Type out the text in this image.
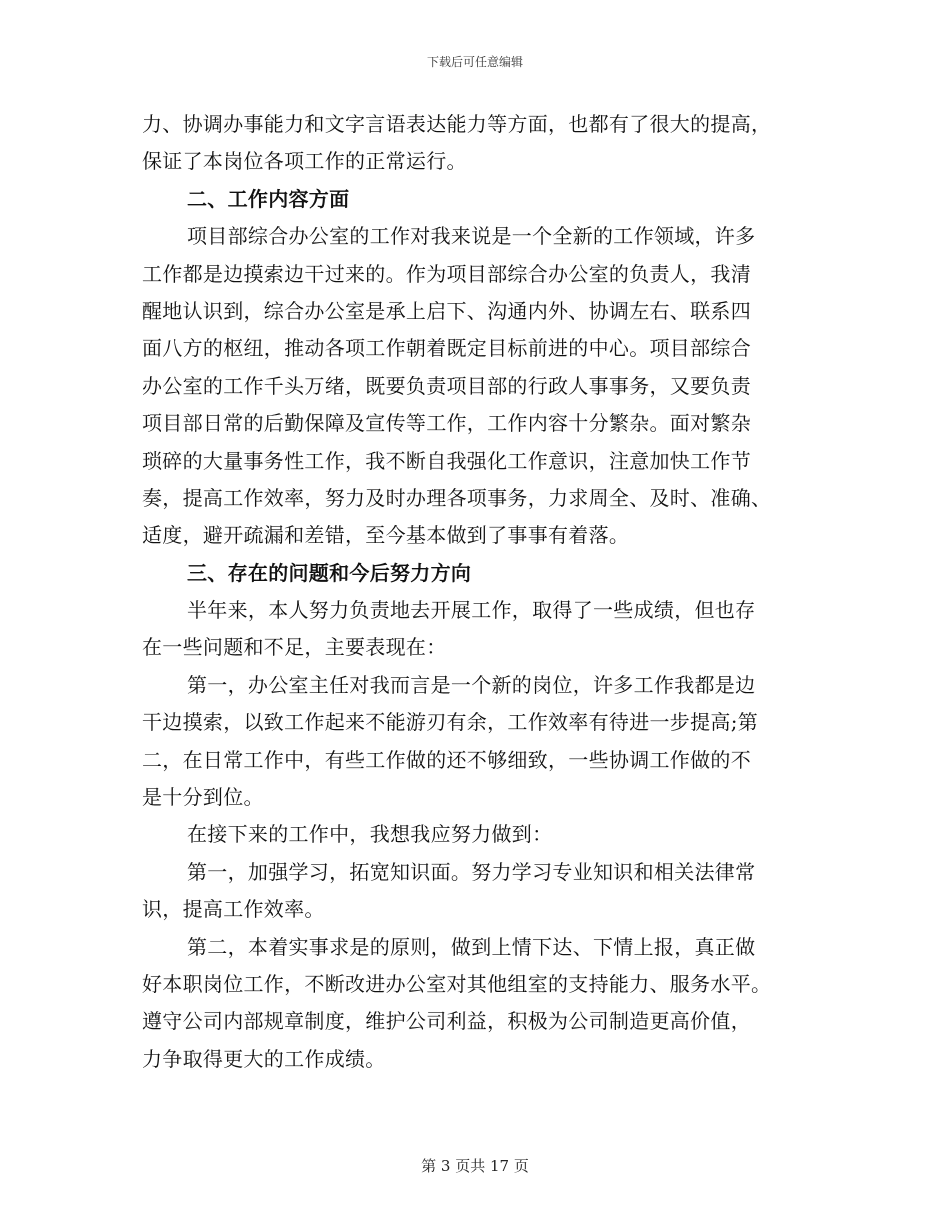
下载后可任意编辑
力、协调办事能力和文字言语表达能力等方面，也都有了很大的提高，
保证了本岗位各项工作的正常运行。
二、工作内容方面
项目部综合办公室的工作对我来说是一个全新的工作领域，许多
工作都是边摸索边干过来的。作为项目部综合办公室的负责人，我清
醒地认识到，综合办公室是承上启下、沟通内外、协调左右、联系四
面八方的枢纽，推动各项工作朝着既定目标前进的中心。项目部综合
办公室的工作千头万绪，既要负责项目部的行政人事事务，又要负责
项目部日常的后勤保障及宣传等工作，工作内容十分繁杂。面对繁杂
琐碎的大量事务性工作，我不断自我强化工作意识，注意加快工作节
奏，提高工作效率，努力及时办理各项事务，力求周全、及时、准确、
适度，避开疏漏和差错，至今基本做到了事事有着落。
三、存在的问题和今后努力方向
半年来，本人努力负责地去开展工作，取得了一些成绩，但也存
在一些问题和不足，主要表现在：
第一，办公室主任对我而言是一个新的岗位，许多工作我都是边
干边摸索，以致工作起来不能游刃有余，工作效率有待进一步提高;第
二，在日常工作中，有些工作做的还不够细致，一些协调工作做的不
是十分到位。
在接下来的工作中，我想我应努力做到：
第一，加强学习，拓宽知识面。努力学习专业知识和相关法律常
识，提高工作效率。
第二，本着实事求是的原则，做到上情下达、下情上报，真正做
好本职岗位工作，不断改进办公室对其他组室的支持能力、服务水平。
遵守公司内部规章制度，维护公司利益，积极为公司制造更高价值，
力争取得更大的工作成绩。
第 3 页共 17 页
